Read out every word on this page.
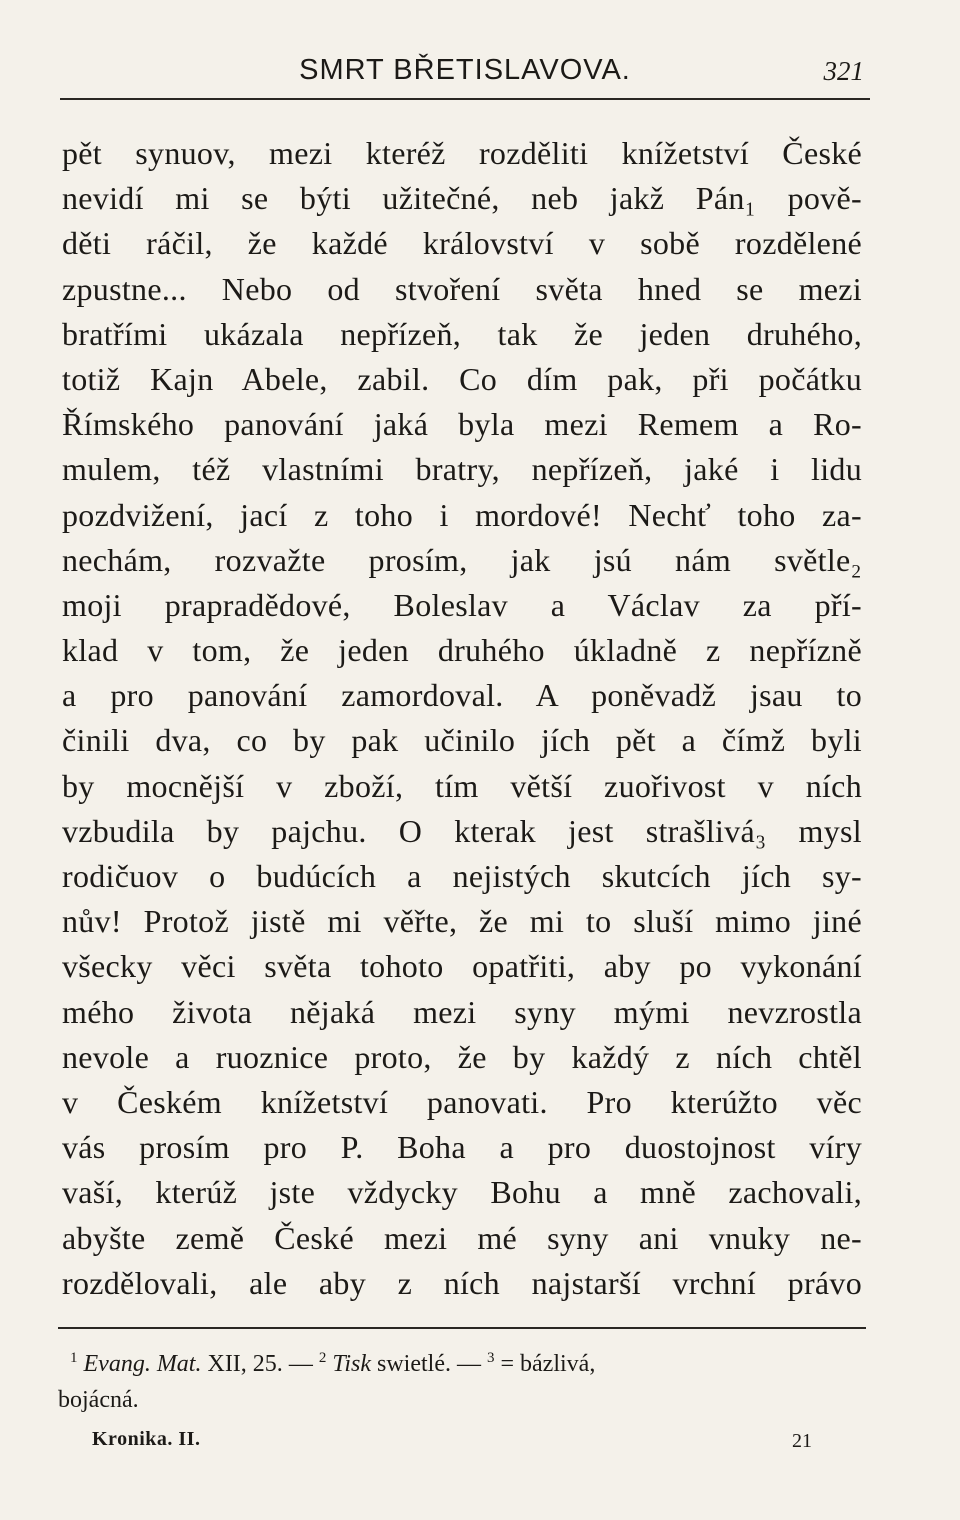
SMRT BŘETISLAVOVA.	321
pět synuov, mezi kteréž rozděliti knížetství České
nevidí mi se býti užitečné, neb jakž Pán₁ pově-
děti ráčil, že každé království v sobě rozdělené
zpustne... Nebo od stvoření světa hned se mezi
bratřími ukázala nepřízeň, tak že jeden druhého,
totiž Kajn Abele, zabil. Co dím pak, při počátku
Římského panování jaká byla mezi Remem a Ro-
mulem, též vlastními bratry, nepřízeň, jaké i lidu
pozdvižení, jací z toho i mordové! Nechť toho za-
nechám, rozvažte prosím, jak jsú nám světle₂
moji prapradědové, Boleslav a Václav za pří-
klad v tom, že jeden druhého úkladně z nepřízně
a pro panování zamordoval. A poněvadž jsau to
činili dva, co by pak učinilo jích pět a čímž byli
by mocnější v zboží, tím větší zuořivost v ních
vzbudila by pajchu. O kterak jest strašlivá₃ mysl
rodičuov o budúcích a nejistých skutcích jích sy-
nův! Protož jistě mi věřte, že mi to sluší mimo jiné
všecky věci světa tohoto opatřiti, aby po vykonání
mého života nějaká mezi syny mými nevzrostla
nevole a ruoznice proto, že by každý z ních chtěl
v Českém knížetství panovati. Pro kterúžto věc
vás prosím pro P. Boha a pro duostojnost víry
vaší, kterúž jste vždycky Bohu a mně zachovali,
abyšte země České mezi mé syny ani vnuky ne-
rozdělovali, ale aby z ních najstarší vrchní právo
$^1$ Evang. Mat. XII, 25. — $^2$ Tisk swietlé. — $^3$ = bázlivá,
bojácná.
Kronika. II.	21
